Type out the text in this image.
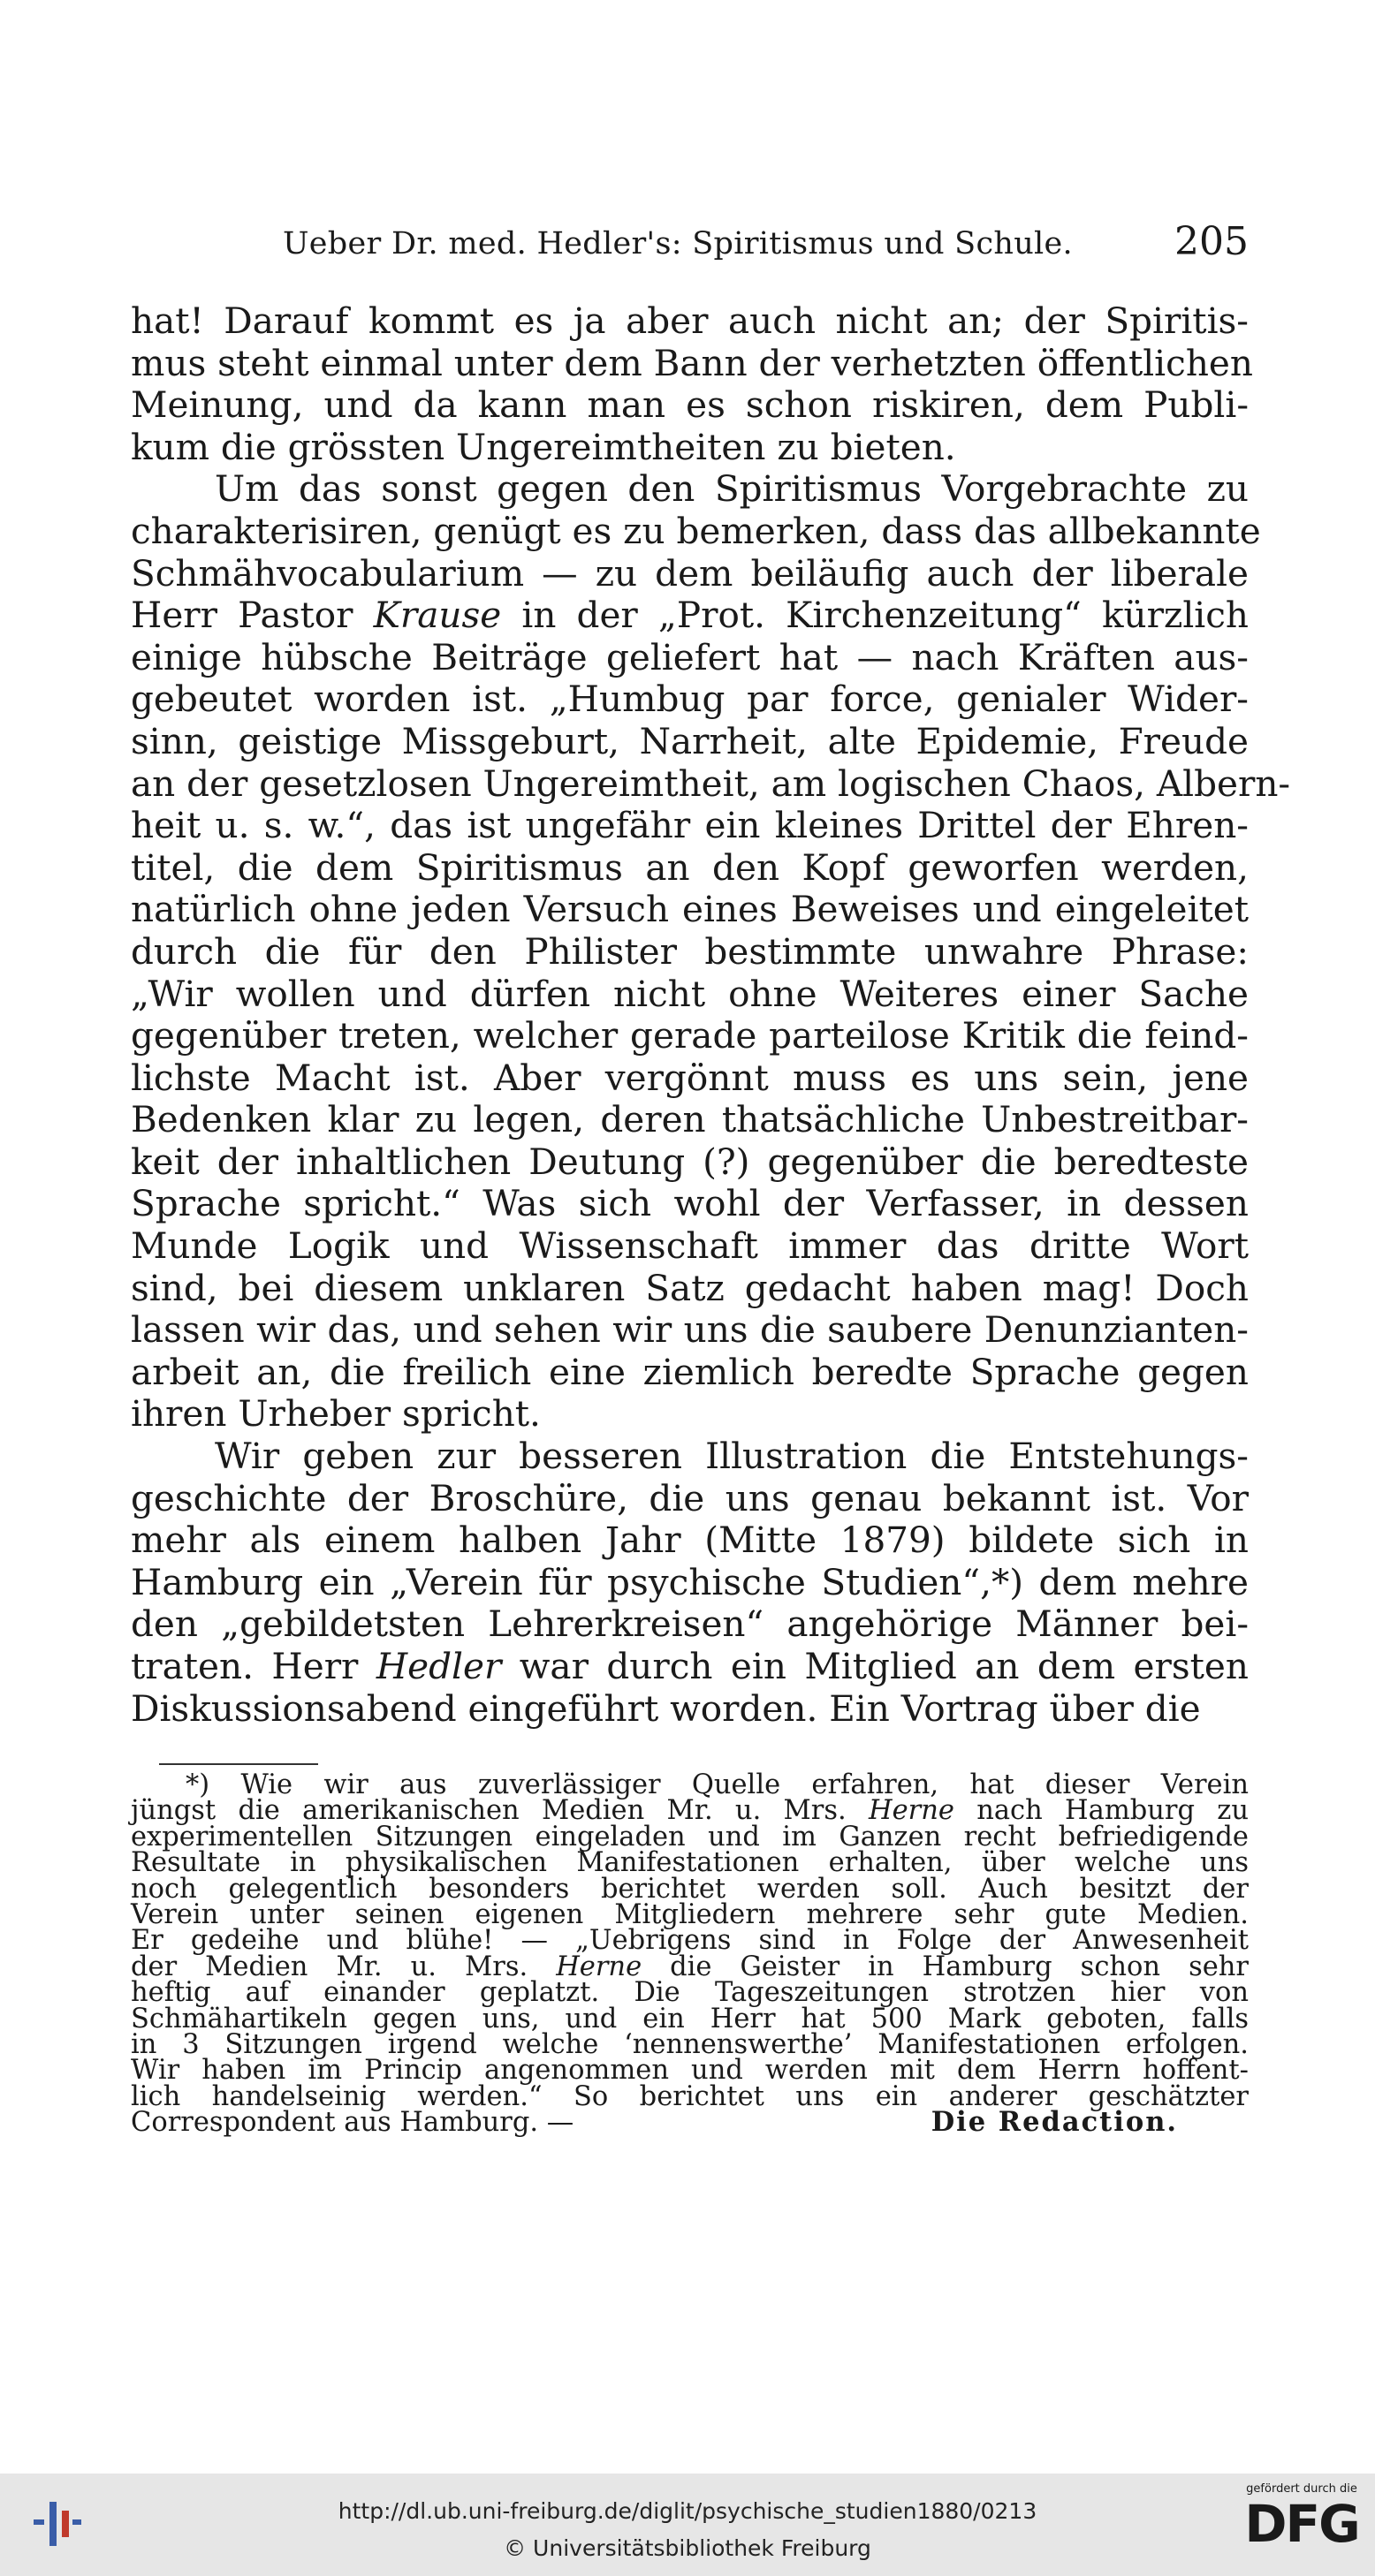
Ueber Dr. med. Hedler's: Spiritismus und Schule.	205
hat! Darauf kommt es ja aber auch nicht an; der Spiritis-
mus steht einmal unter dem Bann der verhetzten öffentlichen
Meinung, und da kann man es schon riskiren, dem Publi-
kum die grössten Ungereimtheiten zu bieten.
Um das sonst gegen den Spiritismus Vorgebrachte zu
charakterisiren, genügt es zu bemerken, dass das allbekannte
Schmähvocabularium — zu dem beiläufig auch der liberale
Herr Pastor Krause in der „Prot. Kirchenzeitung“ kürzlich
einige hübsche Beiträge geliefert hat — nach Kräften aus-
gebeutet worden ist. „Humbug par force, genialer Wider-
sinn, geistige Missgeburt, Narrheit, alte Epidemie, Freude
an der gesetzlosen Ungereimtheit, am logischen Chaos, Albern-
heit u. s. w.“, das ist ungefähr ein kleines Drittel der Ehren-
titel, die dem Spiritismus an den Kopf geworfen werden,
natürlich ohne jeden Versuch eines Beweises und eingeleitet
durch die für den Philister bestimmte unwahre Phrase:
„Wir wollen und dürfen nicht ohne Weiteres einer Sache
gegenüber treten, welcher gerade parteilose Kritik die feind-
lichste Macht ist. Aber vergönnt muss es uns sein, jene
Bedenken klar zu legen, deren thatsächliche Unbestreitbar-
keit der inhaltlichen Deutung (?) gegenüber die beredteste
Sprache spricht.“ Was sich wohl der Verfasser, in dessen
Munde Logik und Wissenschaft immer das dritte Wort
sind, bei diesem unklaren Satz gedacht haben mag! Doch
lassen wir das, und sehen wir uns die saubere Denunzianten-
arbeit an, die freilich eine ziemlich beredte Sprache gegen
ihren Urheber spricht.
Wir geben zur besseren Illustration die Entstehungs-
geschichte der Broschüre, die uns genau bekannt ist. Vor
mehr als einem halben Jahr (Mitte 1879) bildete sich in
Hamburg ein „Verein für psychische Studien“,*) dem mehre
den „gebildetsten Lehrerkreisen“ angehörige Männer bei-
traten. Herr Hedler war durch ein Mitglied an dem ersten
Diskussionsabend eingeführt worden. Ein Vortrag über die
*) Wie wir aus zuverlässiger Quelle erfahren, hat dieser Verein
jüngst die amerikanischen Medien Mr. u. Mrs. Herne nach Hamburg zu
experimentellen Sitzungen eingeladen und im Ganzen recht befriedigende
Resultate in physikalischen Manifestationen erhalten, über welche uns
noch gelegentlich besonders berichtet werden soll. Auch besitzt der
Verein unter seinen eigenen Mitgliedern mehrere sehr gute Medien.
Er gedeihe und blühe! — „Uebrigens sind in Folge der Anwesenheit
der Medien Mr. u. Mrs. Herne die Geister in Hamburg schon sehr
heftig auf einander geplatzt. Die Tageszeitungen strotzen hier von
Schmähartikeln gegen uns, und ein Herr hat 500 Mark geboten, falls
in 3 Sitzungen irgend welche ‘nennenswerthe’ Manifestationen erfolgen.
Wir haben im Princip angenommen und werden mit dem Herrn hoffent-
lich handelseinig werden.“ So berichtet uns ein anderer geschätzter
Correspondent aus Hamburg. —	Die Redaction.
http://dl.ub.uni-freiburg.de/diglit/psychische_studien1880/0213
© Universitätsbibliothek Freiburg
gefördert durch die
DFG
